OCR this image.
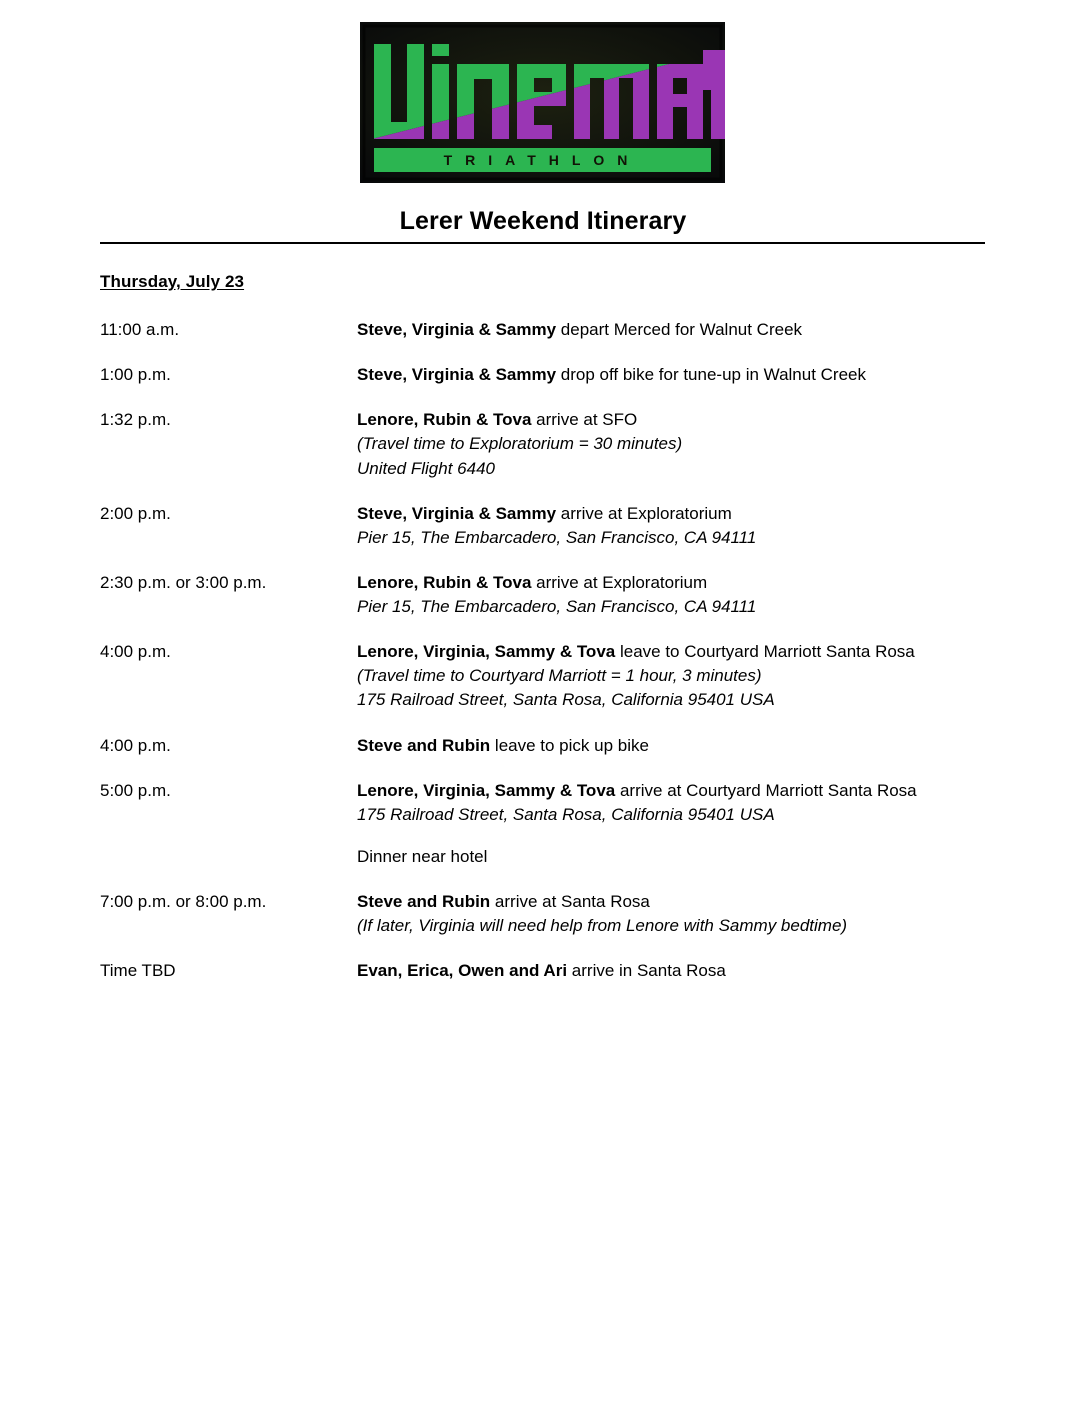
TRIATHLON
Lerer Weekend Itinerary
Thursday, July 23
11:00 a.m.	Steve, Virginia & Sammy depart Merced for Walnut Creek
1:00 p.m.	Steve, Virginia & Sammy drop off bike for tune-up in Walnut Creek
1:32 p.m.	Lenore, Rubin & Tova arrive at SFO
(Travel time to Exploratorium = 30 minutes)
United Flight 6440
2:00 p.m.	Steve, Virginia & Sammy arrive at Exploratorium
Pier 15, The Embarcadero, San Francisco, CA 94111
2:30 p.m. or 3:00 p.m.	Lenore, Rubin & Tova arrive at Exploratorium
Pier 15, The Embarcadero, San Francisco, CA 94111
4:00 p.m.	Lenore, Virginia, Sammy & Tova leave to Courtyard Marriott Santa Rosa
(Travel time to Courtyard Marriott = 1 hour, 3 minutes)
175 Railroad Street, Santa Rosa, California 95401 USA
4:00 p.m.	Steve and Rubin leave to pick up bike
5:00 p.m.	Lenore, Virginia, Sammy & Tova arrive at Courtyard Marriott Santa Rosa
175 Railroad Street, Santa Rosa, California 95401 USA
Dinner near hotel
7:00 p.m. or 8:00 p.m.	Steve and Rubin arrive at Santa Rosa
(If later, Virginia will need help from Lenore with Sammy bedtime)
Time TBD	Evan, Erica, Owen and Ari arrive in Santa Rosa
